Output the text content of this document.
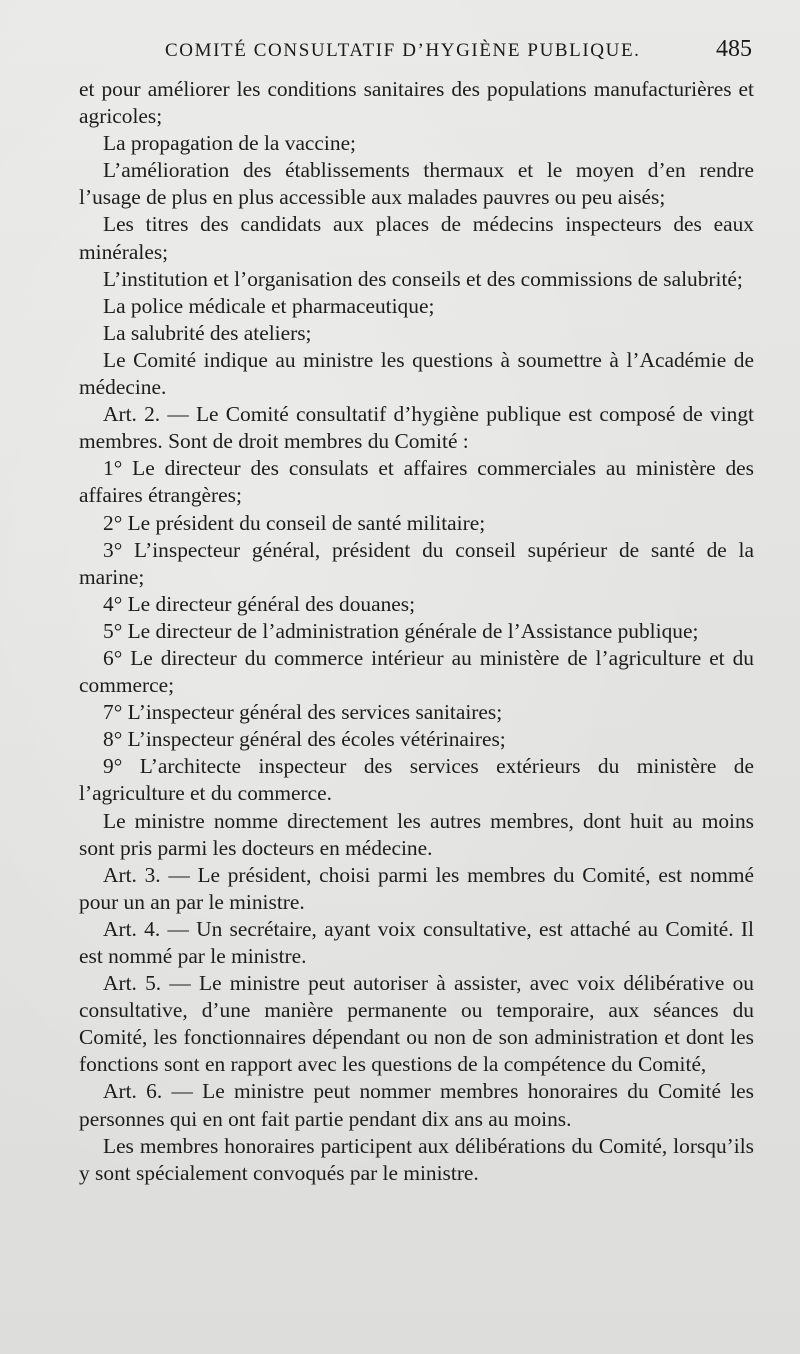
COMITÉ CONSULTATIF D’HYGIÈNE PUBLIQUE.	485

et pour améliorer les conditions sanitaires des populations manufacturières et agricoles;

La propagation de la vaccine;

L’amélioration des établissements thermaux et le moyen d’en rendre l’usage de plus en plus accessible aux malades pauvres ou peu aisés;

Les titres des candidats aux places de médecins inspecteurs des eaux minérales;

L’institution et l’organisation des conseils et des commissions de salubrité;

La police médicale et pharmaceutique;

La salubrité des ateliers;

Le Comité indique au ministre les questions à soumettre à l’Académie de médecine.

Art. 2. — Le Comité consultatif d’hygiène publique est composé de vingt membres. Sont de droit membres du Comité :

1° Le directeur des consulats et affaires commerciales au ministère des affaires étrangères;

2° Le président du conseil de santé militaire;

3° L’inspecteur général, président du conseil supérieur de santé de la marine;

4° Le directeur général des douanes;

5° Le directeur de l’administration générale de l’Assistance publique;

6° Le directeur du commerce intérieur au ministère de l’agriculture et du commerce;

7° L’inspecteur général des services sanitaires;

8° L’inspecteur général des écoles vétérinaires;

9° L’architecte inspecteur des services extérieurs du ministère de l’agriculture et du commerce.

Le ministre nomme directement les autres membres, dont huit au moins sont pris parmi les docteurs en médecine.

Art. 3. — Le président, choisi parmi les membres du Comité, est nommé pour un an par le ministre.

Art. 4. — Un secrétaire, ayant voix consultative, est attaché au Comité. Il est nommé par le ministre.

Art. 5. — Le ministre peut autoriser à assister, avec voix délibérative ou consultative, d’une manière permanente ou temporaire, aux séances du Comité, les fonctionnaires dépendant ou non de son administration et dont les fonctions sont en rapport avec les questions de la compétence du Comité,

Art. 6. — Le ministre peut nommer membres honoraires du Comité les personnes qui en ont fait partie pendant dix ans au moins.

Les membres honoraires participent aux délibérations du Comité, lorsqu’ils y sont spécialement convoqués par le ministre.
